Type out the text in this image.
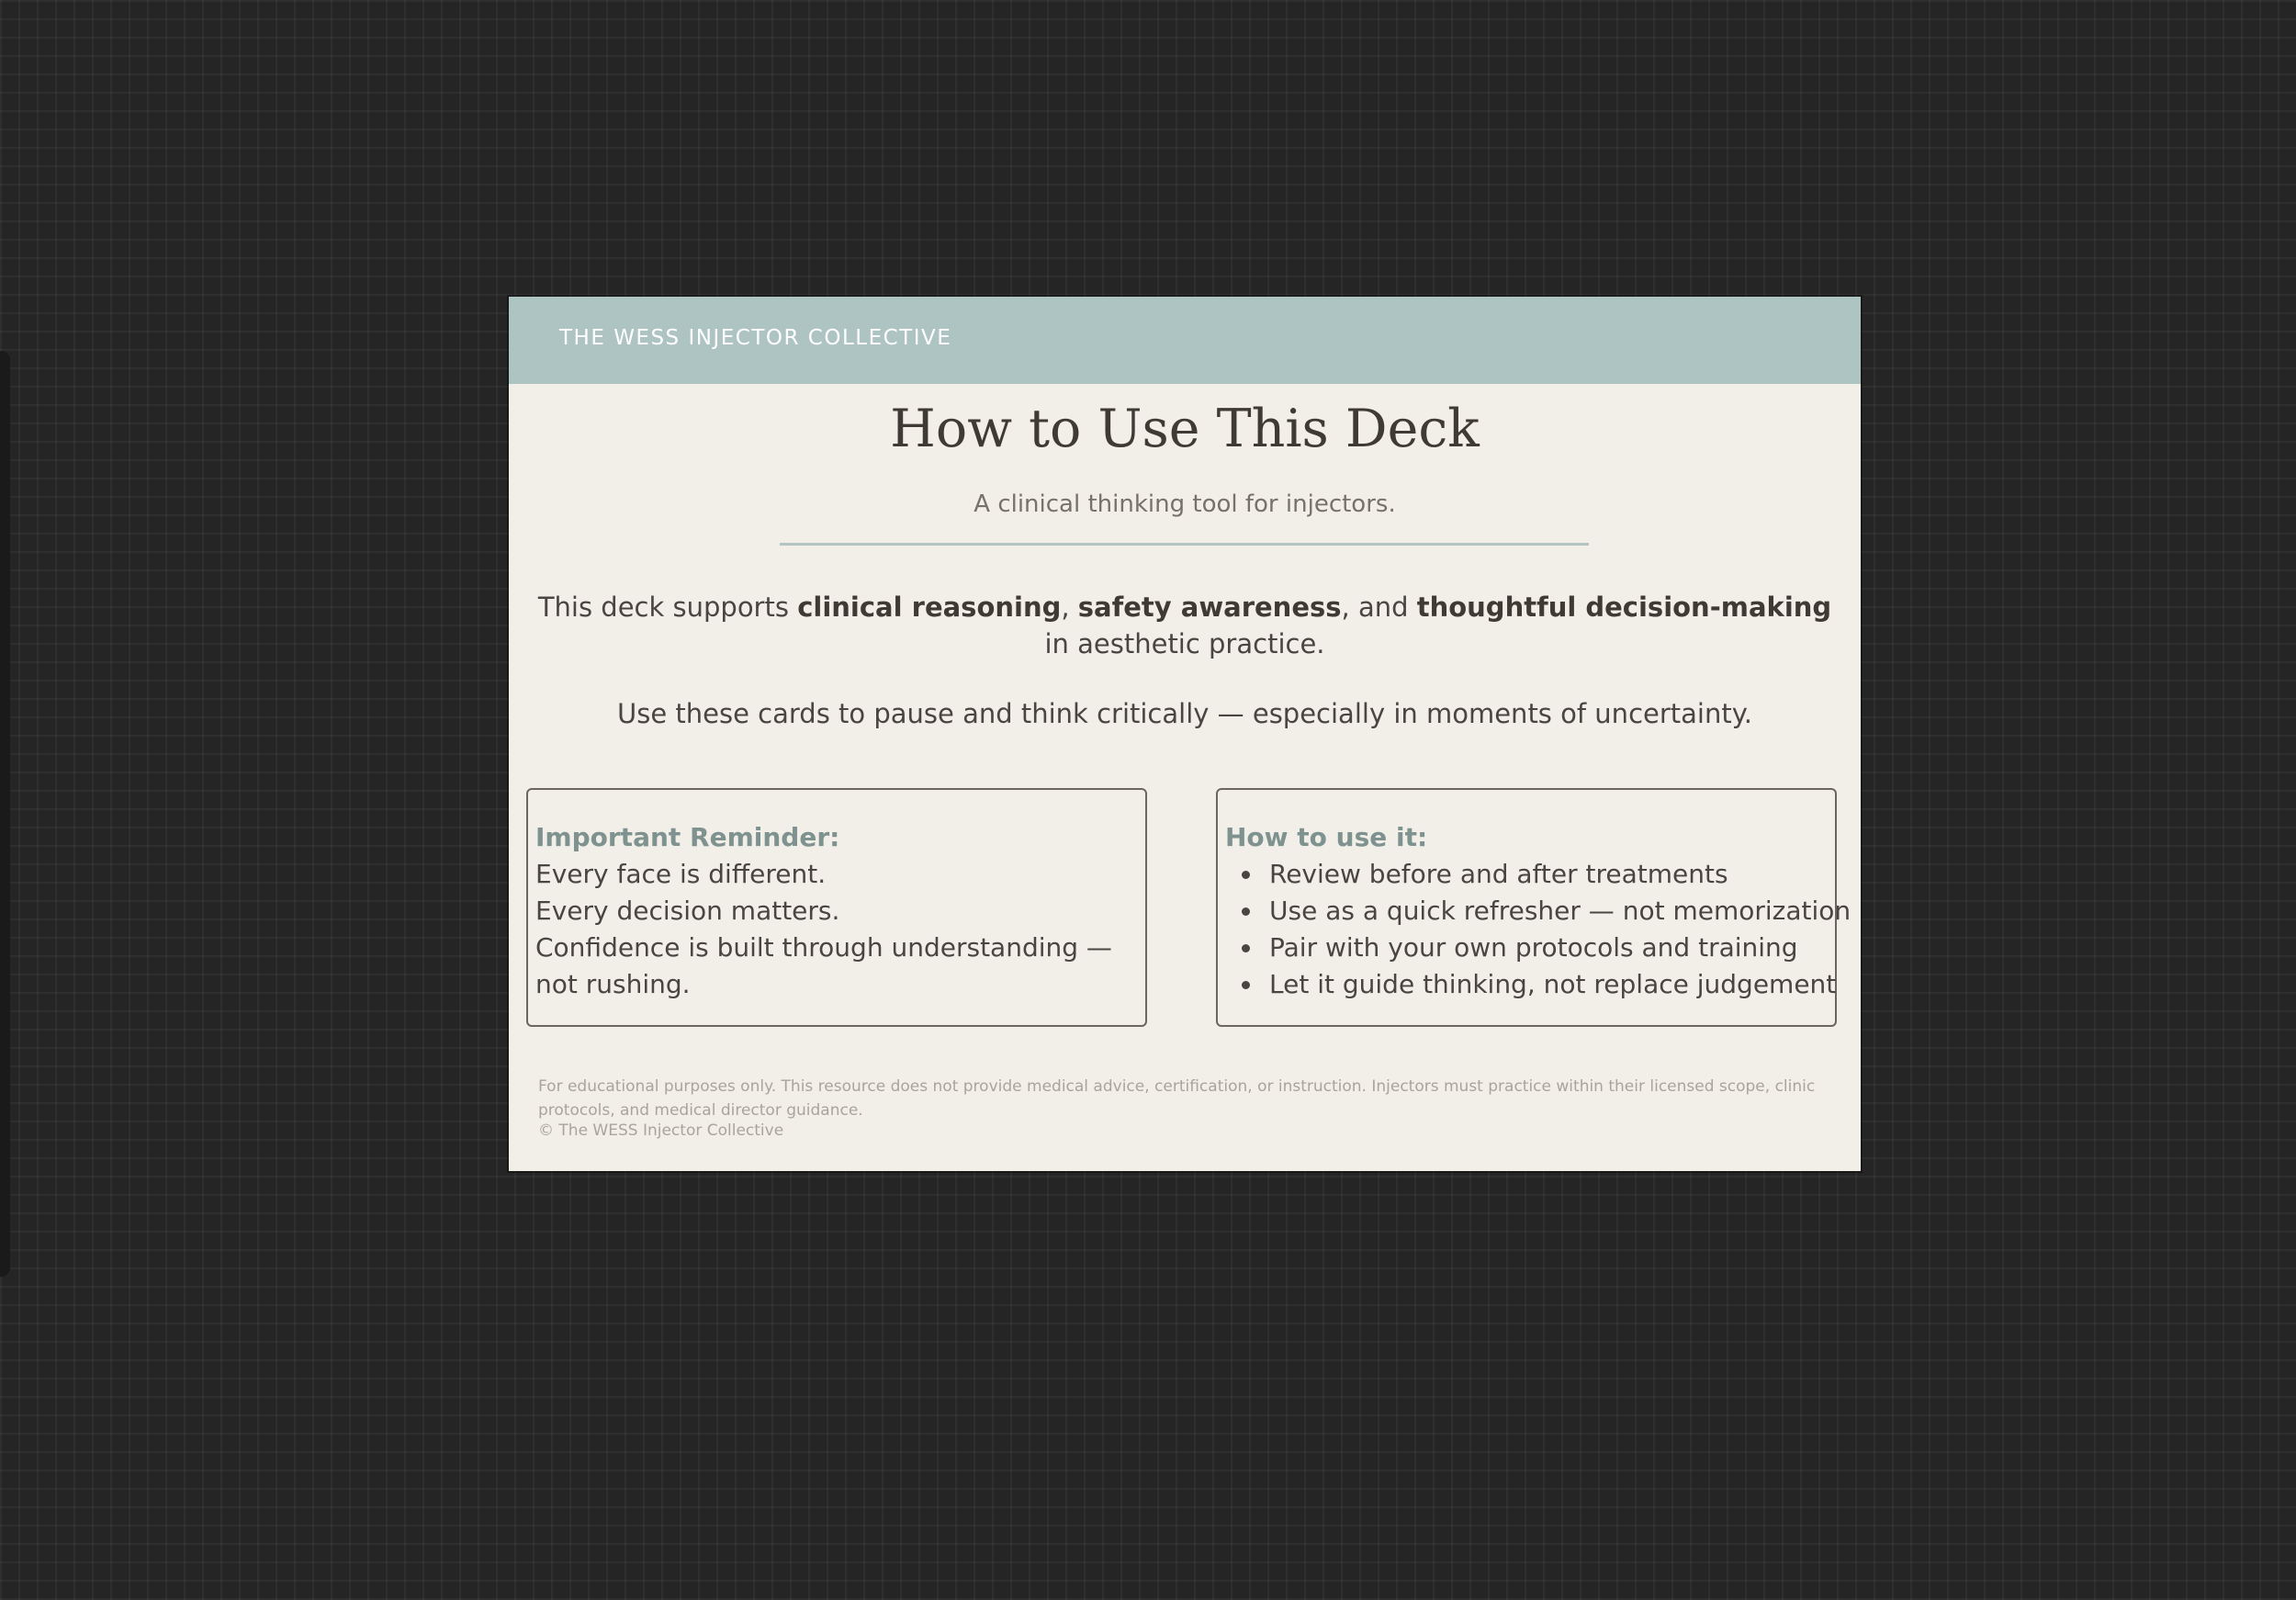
THE WESS INJECTOR COLLECTIVE
How to Use This Deck
A clinical thinking tool for injectors.
This deck supports clinical reasoning, safety awareness, and thoughtful decision-making
in aesthetic practice.
Use these cards to pause and think critically — especially in moments of uncertainty.
Important Reminder:
Every face is different.
Every decision matters.
Confidence is built through understanding — not rushing.
How to use it:
• Review before and after treatments
• Use as a quick refresher — not memorization
• Pair with your own protocols and training
• Let it guide thinking, not replace judgement
For educational purposes only. This resource does not provide medical advice, certification, or instruction. Injectors must practice within their licensed scope, clinic protocols, and medical director guidance.
© The WESS Injector Collective
